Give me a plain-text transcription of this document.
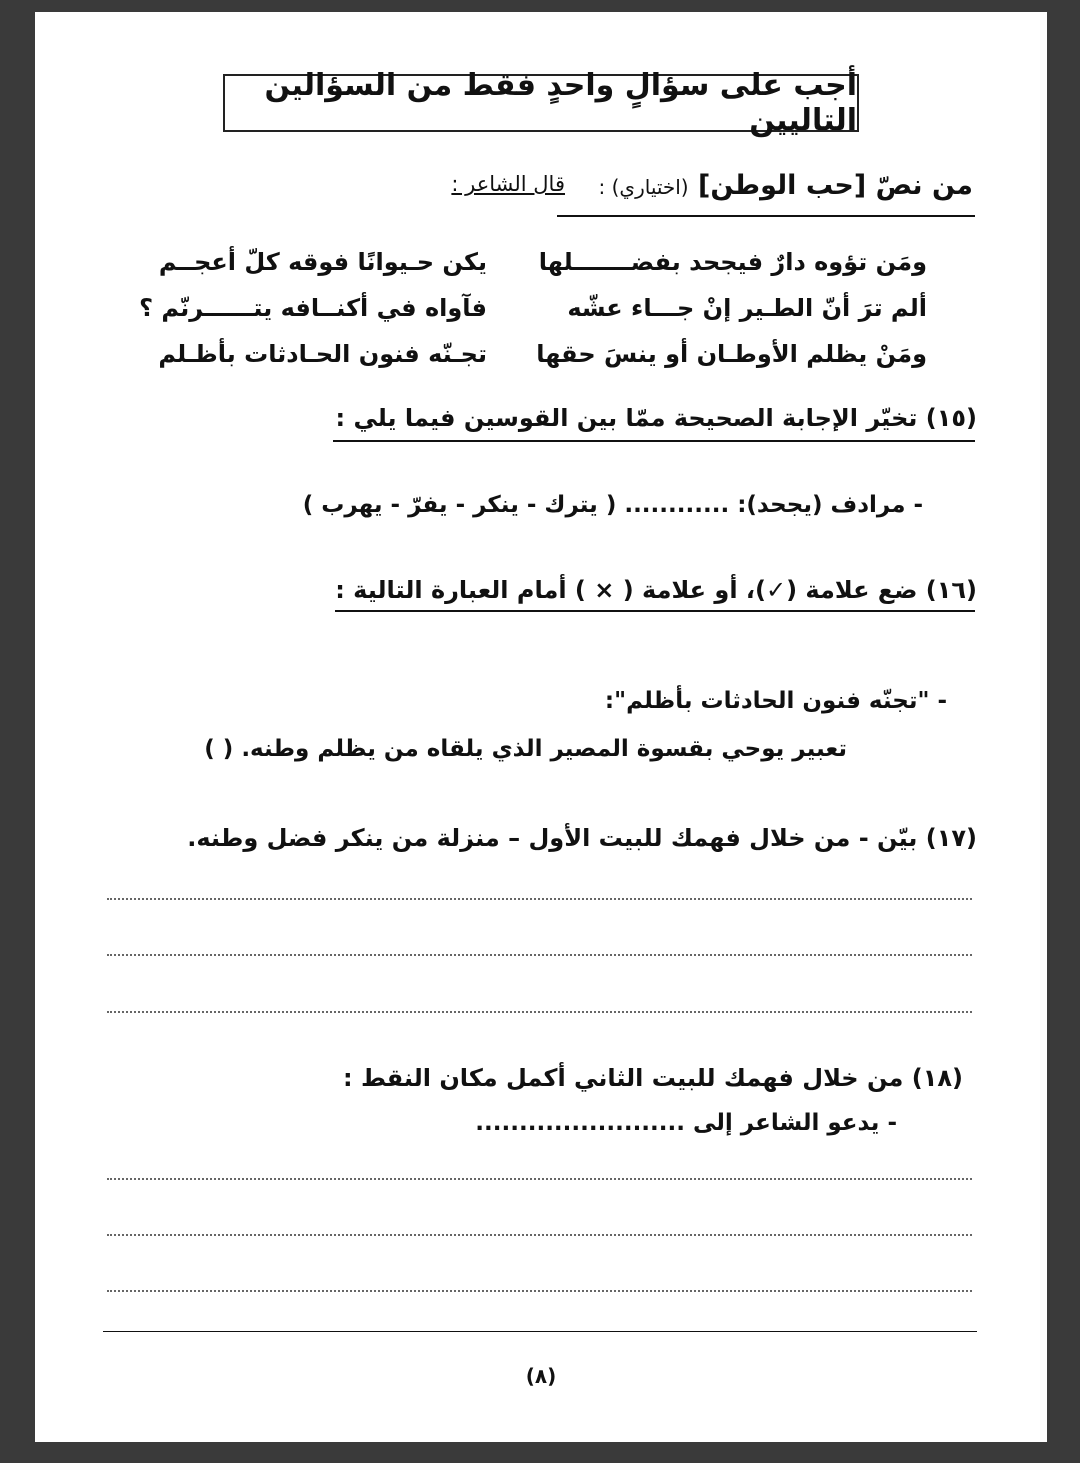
أجب على سؤالٍ واحدٍ فقط من السؤالين التاليين
من نصّ [حب الوطن] (اختياري) :
قال الشاعر :
ومَن تؤوه دارٌ فيجحد بفضـــــــلها
يكن حـيوانًا فوقه كلّ أعجــم
ألم ترَ أنّ الطـير إنْ جـــاء عشّه
فآواه في أكنــافه يتــــــرنّم ؟
ومَنْ يظلم الأوطـان أو ينسَ حقها
تجـنّه فنون الحـادثات بأظـلم
(١٥) تخيّر الإجابة الصحيحة ممّا بين القوسين فيما يلي :
- مرادف (يجحد): ............ ( يترك - ينكر - يفرّ - يهرب )
(١٦) ضع علامة (✓)، أو علامة ( × ) أمام العبارة التالية :
- "تجنّه فنون الحادثات بأظلم":
تعبير يوحي بقسوة المصير الذي يلقاه من يظلم وطنه. ( )
(١٧) بيّن - من خلال فهمك للبيت الأول – منزلة من ينكر فضل وطنه.
(١٨) من خلال فهمك للبيت الثاني أكمل مكان النقط :
- يدعو الشاعر إلى ........................
(٨)
